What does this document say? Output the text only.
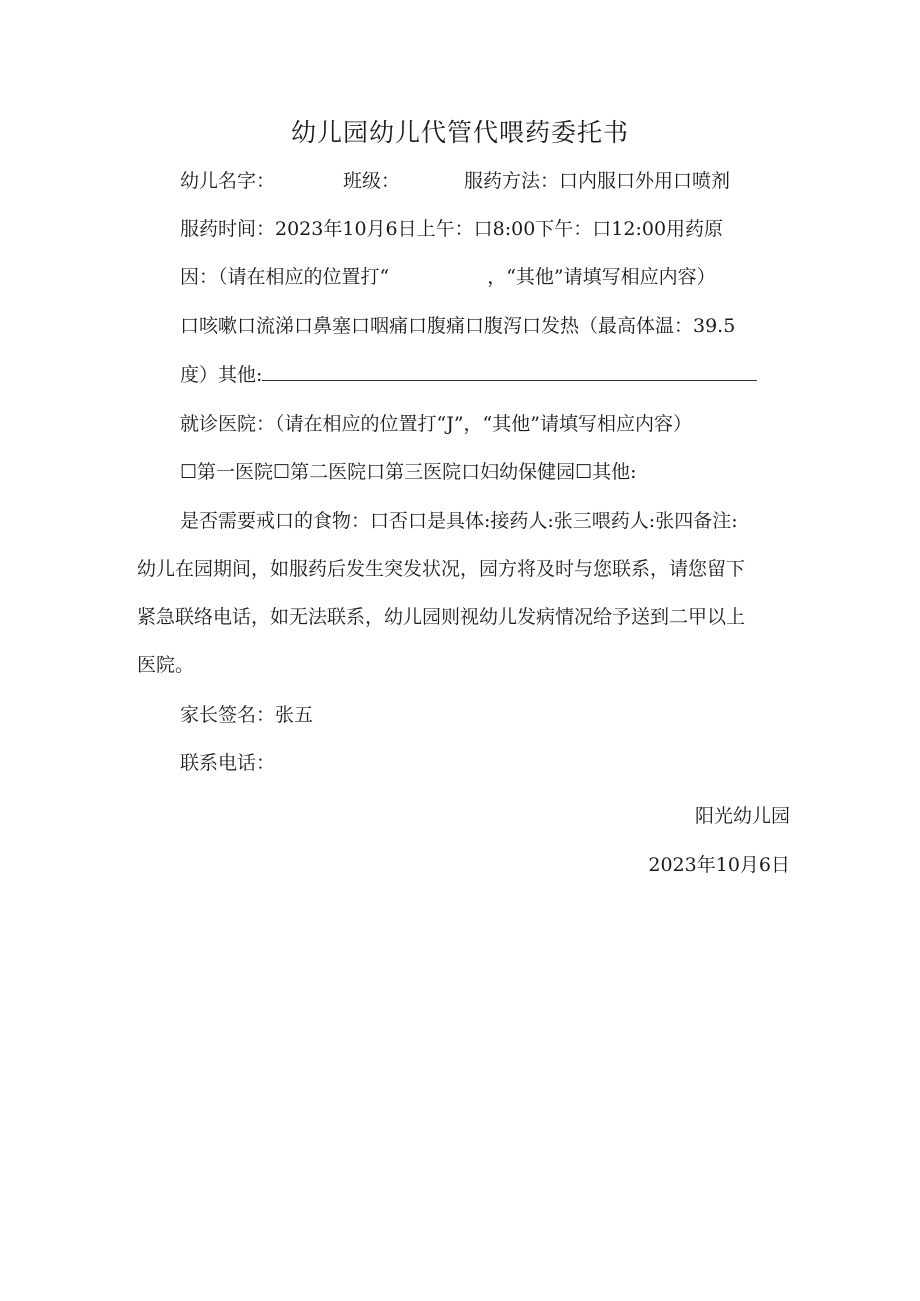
幼儿园幼儿代管代喂药委托书
幼儿名字：	班级：	服药方法：口内服口外用口喷剂
服药时间：2023年10月6日上午：口8:00下午：口12:00用药原
因：（请在相应的位置打“	，“其他”请填写相应内容）
口咳嗽口流涕口鼻塞口咽痛口腹痛口腹泻口发热（最高体温：39.5
度）其他:
就诊医院：（请在相应的位置打“J”，“其他”请填写相应内容）
☐第一医院☐第二医院口第三医院口妇幼保健园☐其他:
是否需要戒口的食物：口否口是具体:接药人:张三喂药人:张四备注:
幼儿在园期间，如服药后发生突发状况，园方将及时与您联系，请您留下
紧急联络电话，如无法联系，幼儿园则视幼儿发病情况给予送到二甲以上
医院。
家长签名：张五
联系电话：
阳光幼儿园
2023年10月6日
